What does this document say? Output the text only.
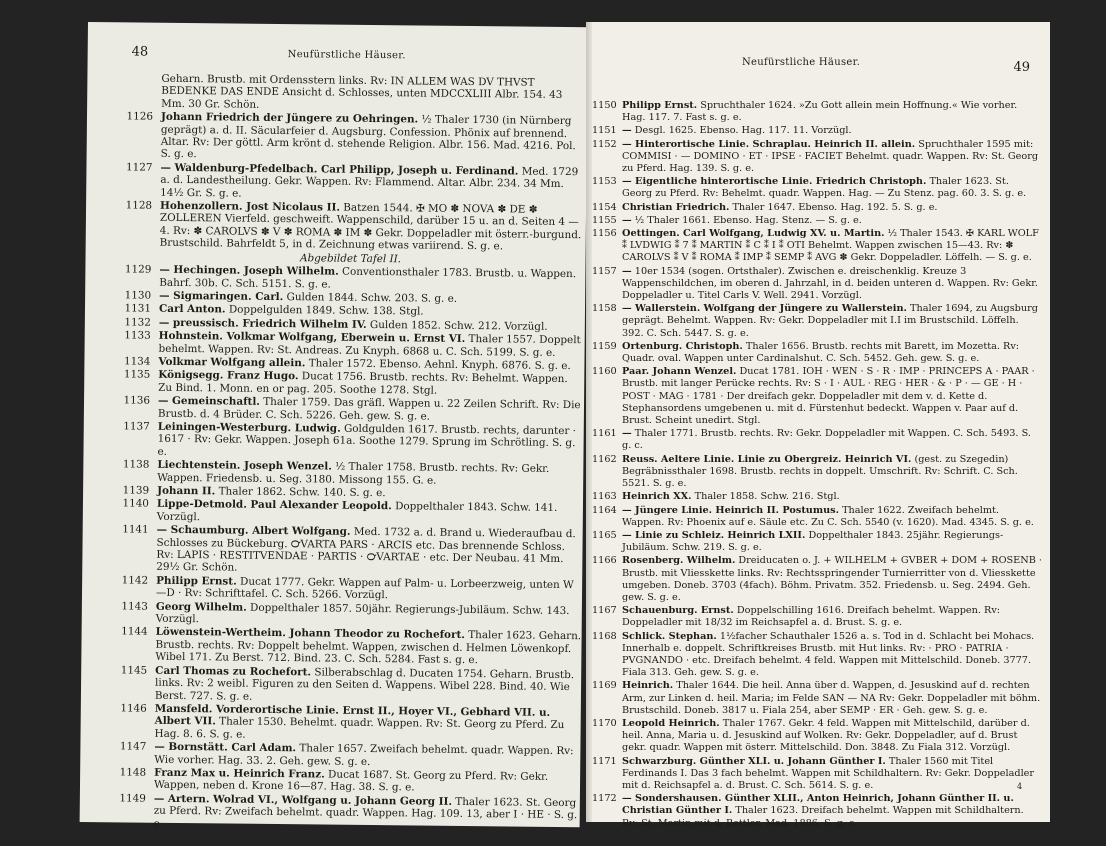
48	Neufürstliche Häuser.
Geharn. Brustb. mit Ordensstern links. Rv: IN ALLEM WAS DV THVST BEDENKE DAS ENDE Ansicht d. Schlosses, unten MDCCXLIII Albr. 154. 43 Mm. 30 Gr. Schön.
1126 Johann Friedrich der Jüngere zu Oehringen. ½ Thaler 1730 (in Nürnberg geprägt) a. d. II. Säcularfeier d. Augsburg. Confession. Phönix auf brennend. Altar. Rv: Der göttl. Arm krönt d. stehende Religion. Albr. 156. Mad. 4216. Pol. S. g. e.
1127 — Waldenburg-Pfedelbach. Carl Philipp, Joseph u. Ferdinand. Med. 1729 a. d. Landestheilung. Gekr. Wappen. Rv: Flammend. Altar. Albr. 234. 34 Mm. 14½ Gr. S. g. e.
1128 Hohenzollern. Jost Nicolaus II. Batzen 1544. ✠ MO ✽ NOVA ✽ DE ✽ ZOLLEREN Vierfeld. geschweift. Wappenschild, darüber 15 u. an d. Seiten 4 — 4. Rv: ✽ CAROLVS ✽ V ✽ ROMA ✽ IM ✽ Gekr. Doppeladler mit österr.-burgund. Brustschild. Bahrfeldt 5, in d. Zeichnung etwas variirend. S. g. e.
Abgebildet Tafel II.
1129 — Hechingen. Joseph Wilhelm. Conventionsthaler 1783. Brustb. u. Wappen. Bahrf. 30b. C. Sch. 5151. S. g. e.
1130 — Sigmaringen. Carl. Gulden 1844. Schw. 203. S. g. e.
1131 Carl Anton. Doppelgulden 1849. Schw. 138. Stgl.
1132 — preussisch. Friedrich Wilhelm IV. Gulden 1852. Schw. 212. Vorzügl.
1133 Hohnstein. Volkmar Wolfgang, Eberwein u. Ernst VI. Thaler 1557. Doppelt behelmt. Wappen. Rv: St. Andreas. Zu Knyph. 6868 u. C. Sch. 5199. S. g. e.
1134 Volkmar Wolfgang allein. Thaler 1572. Ebenso. Aehnl. Knyph. 6876. S. g. e.
1135 Königsegg. Franz Hugo. Ducat 1756. Brustb. rechts. Rv: Behelmt. Wappen. Zu Bind. 1. Monn. en or pag. 205. Soothe 1278. Stgl.
1136 — Gemeinschaftl. Thaler 1759. Das gräfl. Wappen u. 22 Zeilen Schrift. Rv: Die Brustb. d. 4 Brüder. C. Sch. 5226. Geh. gew. S. g. e.
1137 Leiningen-Westerburg. Ludwig. Goldgulden 1617. Brustb. rechts, darunter · 1617 · Rv: Gekr. Wappen. Joseph 61a. Soothe 1279. Sprung im Schrötling. S. g. e.
1138 Liechtenstein. Joseph Wenzel. ½ Thaler 1758. Brustb. rechts. Rv: Gekr. Wappen. Friedensb. u. Seg. 3180. Missong 155. G. e.
1139 Johann II. Thaler 1862. Schw. 140. S. g. e.
1140 Lippe-Detmold. Paul Alexander Leopold. Doppelthaler 1843. Schw. 141. Vorzügl.
1141 — Schaumburg. Albert Wolfgang. Med. 1732 a. d. Brand u. Wiederaufbau d. Schlosses zu Bückeburg. ℺VARTA PARS · ARCIS etc. Das brennende Schloss. Rv: LAPIS · RESTITVENDAE · PARTIS · ℺VARTAE · etc. Der Neubau. 41 Mm. 29½ Gr. Schön.
1142 Philipp Ernst. Ducat 1777. Gekr. Wappen auf Palm- u. Lorbeerzweig, unten W—D · Rv: Schrifttafel. C. Sch. 5266. Vorzügl.
1143 Georg Wilhelm. Doppelthaler 1857. 50jähr. Regierungs-Jubiläum. Schw. 143. Vorzügl.
1144 Löwenstein-Wertheim. Johann Theodor zu Rochefort. Thaler 1623. Geharn. Brustb. rechts. Rv: Doppelt behelmt. Wappen, zwischen d. Helmen Löwenkopf. Wibel 171. Zu Berst. 712. Bind. 23. C. Sch. 5284. Fast s. g. e.
1145 Carl Thomas zu Rochefort. Silberabschlag d. Ducaten 1754. Geharn. Brustb. links. Rv: 2 weibl. Figuren zu den Seiten d. Wappens. Wibel 228. Bind. 40. Wie Berst. 727. S. g. e.
1146 Mansfeld. Vorderortische Linie. Ernst II., Hoyer VI., Gebhard VII. u. Albert VII. Thaler 1530. Behelmt. quadr. Wappen. Rv: St. Georg zu Pferd. Zu Hag. 8. 6. S. g. e.
1147 — Bornstätt. Carl Adam. Thaler 1657. Zweifach behelmt. quadr. Wappen. Rv: Wie vorher. Hag. 33. 2. Geh. gew. S. g. e.
1148 Franz Max u. Heinrich Franz. Ducat 1687. St. Georg zu Pferd. Rv: Gekr. Wappen, neben d. Krone 16—87. Hag. 38. S. g. e.
1149 — Artern. Wolrad VI., Wolfgang u. Johann Georg II. Thaler 1623. St. Georg zu Pferd. Rv: Zweifach behelmt. quadr. Wappen. Hag. 109. 13, aber I · HE · S. g. e.
49
Neufürstliche Häuser.
1150 Philipp Ernst. Spruchthaler 1624. »Zu Gott allein mein Hoffnung.« Wie vorher. Hag. 117. 7. Fast s. g. e.
1151 — Desgl. 1625. Ebenso. Hag. 117. 11. Vorzügl.
1152 — Hinterortische Linie. Schraplau. Heinrich II. allein. Spruchthaler 1595 mit: COMMISI · — DOMINO · ET · IPSE · FACIET Behelmt. quadr. Wappen. Rv: St. Georg zu Pferd. Hag. 139. S. g. e.
1153 — Eigentliche hinterortische Linie. Friedrich Christoph. Thaler 1623. St. Georg zu Pferd. Rv: Behelmt. quadr. Wappen. Hag. — Zu Stenz. pag. 60. 3. S. g. e.
1154 Christian Friedrich. Thaler 1647. Ebenso. Hag. 192. 5. S. g. e.
1155 — ½ Thaler 1661. Ebenso. Hag. Stenz. — S. g. e.
1156 Oettingen. Carl Wolfgang, Ludwig XV. u. Martin. ½ Thaler 1543. ✠ KARL WOLF ⁑ LVDWIG ⁑ 7 ⁑ MARTIN ⁑ C ⁑ I ⁑ OTI Behelmt. Wappen zwischen 15—43. Rv: ✽ CAROLVS ⁑ V ⁑ ROMA ⁑ IMP ⁑ SEMP ⁑ AVG ✽ Gekr. Doppeladler. Löffelh. — S. g. e.
1157 — 10er 1534 (sogen. Ortsthaler). Zwischen e. dreischenklig. Kreuze 3 Wappenschildchen, im oberen d. Jahrzahl, in d. beiden unteren d. Wappen. Rv: Gekr. Doppeladler u. Titel Carls V. Well. 2941. Vorzügl.
1158 — Wallerstein. Wolfgang der Jüngere zu Wallerstein. Thaler 1694, zu Augsburg geprägt. Behelmt. Wappen. Rv: Gekr. Doppeladler mit I.I im Brustschild. Löffelh. 392. C. Sch. 5447. S. g. e.
1159 Ortenburg. Christoph. Thaler 1656. Brustb. rechts mit Barett, im Mozetta. Rv: Quadr. oval. Wappen unter Cardinalshut. C. Sch. 5452. Geh. gew. S. g. e.
1160 Paar. Johann Wenzel. Ducat 1781. IOH · WEN · S · R · IMP · PRINCEPS A · PAAR · Brustb. mit langer Perücke rechts. Rv: S · I · AUL · REG · HER · & · P · — GE · H · POST · MAG · 1781 · Der dreifach gekr. Doppeladler mit dem v. d. Kette d. Stephansordens umgebenen u. mit d. Fürstenhut bedeckt. Wappen v. Paar auf d. Brust. Scheint unedirt. Stgl.
1161 — Thaler 1771. Brustb. rechts. Rv: Gekr. Doppeladler mit Wappen. C. Sch. 5493. S. g. c.
1162 Reuss. Aeltere Linie. Linie zu Obergreiz. Heinrich VI. (gest. zu Szegedin) Begräbnissthaler 1698. Brustb. rechts in doppelt. Umschrift. Rv: Schrift. C. Sch. 5521. S. g. e.
1163 Heinrich XX. Thaler 1858. Schw. 216. Stgl.
1164 — Jüngere Linie. Heinrich II. Postumus. Thaler 1622. Zweifach behelmt. Wappen. Rv: Phoenix auf e. Säule etc. Zu C. Sch. 5540 (v. 1620). Mad. 4345. S. g. e.
1165 — Linie zu Schleiz. Heinrich LXII. Doppelthaler 1843. 25jähr. Regierungs-Jubiläum. Schw. 219. S. g. e.
1166 Rosenberg. Wilhelm. Dreiducaten o. J. + WILHELM + GVBER + DOM + ROSENB · Brustb. mit Vliesskette links. Rv: Rechtsspringender Turnierritter von d. Vliesskette umgeben. Doneb. 3703 (4fach). Böhm. Privatm. 352. Friedensb. u. Seg. 2494. Geh. gew. S. g. e.
1167 Schauenburg. Ernst. Doppelschilling 1616. Dreifach behelmt. Wappen. Rv: Doppeladler mit 18/32 im Reichsapfel a. d. Brust. S. g. e.
1168 Schlick. Stephan. 1½facher Schauthaler 1526 a. s. Tod in d. Schlacht bei Mohacs. Innerhalb e. doppelt. Schriftkreises Brustb. mit Hut links. Rv: · PRO · PATRIA · PVGNANDO · etc. Dreifach behelmt. 4 feld. Wappen mit Mittelschild. Doneb. 3777. Fiala 313. Geh. gew. S. g. e.
1169 Heinrich. Thaler 1644. Die heil. Anna über d. Wappen, d. Jesuskind auf d. rechten Arm, zur Linken d. heil. Maria; im Felde SAN — NA Rv: Gekr. Doppeladler mit böhm. Brustschild. Doneb. 3817 u. Fiala 254, aber SEMP · ER · Geh. gew. S. g. e.
1170 Leopold Heinrich. Thaler 1767. Gekr. 4 feld. Wappen mit Mittelschild, darüber d. heil. Anna, Maria u. d. Jesuskind auf Wolken. Rv: Gekr. Doppeladler, auf d. Brust gekr. quadr. Wappen mit österr. Mittelschild. Don. 3848. Zu Fiala 312. Vorzügl.
1171 Schwarzburg. Günther XLI. u. Johann Günther I. Thaler 1560 mit Titel Ferdinands I. Das 3 fach behelmt. Wappen mit Schildhaltern. Rv: Gekr. Doppeladler mit d. Reichsapfel a. d. Brust. C. Sch. 5614. S. g. e.
1172 — Sondershausen. Günther XLII., Anton Heinrich, Johann Günther II. u. Christian Günther I. Thaler 1623. Dreifach behelmt. Wappen mit Schildhaltern. Rv: St. Martin mit d. Bettler. Mad. 1886. S. g. e.
4
